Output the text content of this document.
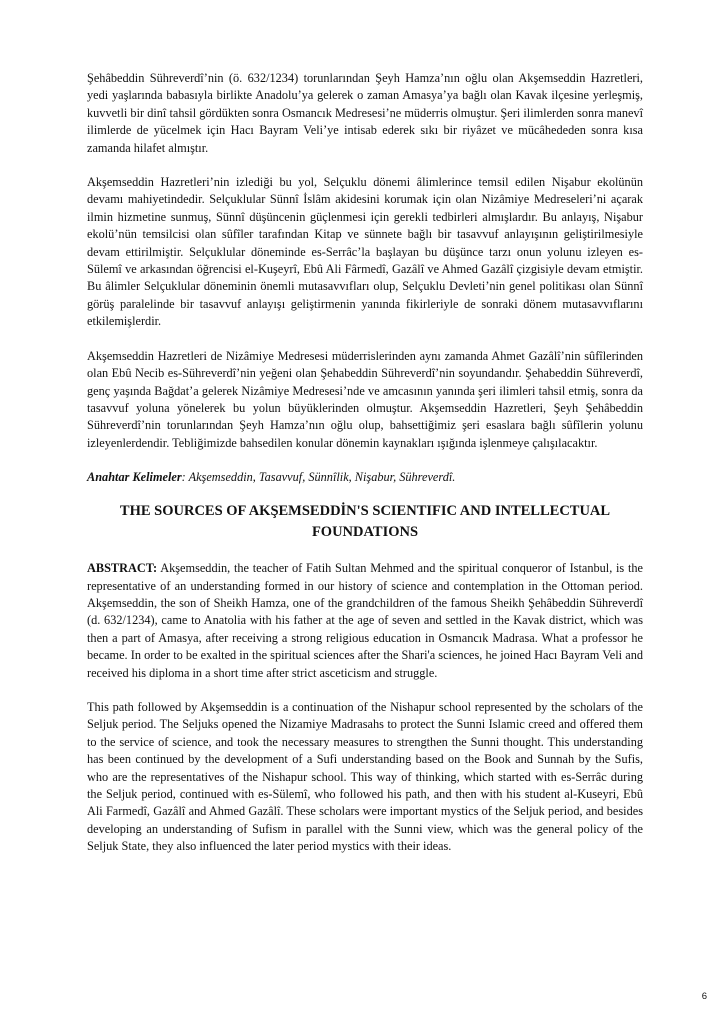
Şehâbeddin Sühreverdî’nin (ö. 632/1234) torunlarından Şeyh Hamza’nın oğlu olan Akşemseddin Hazretleri, yedi yaşlarında babasıyla birlikte Anadolu’ya gelerek o zaman Amasya’ya bağlı olan Kavak ilçesine yerleşmiş, kuvvetli bir dinî tahsil gördükten sonra Osmancık Medresesi’ne müderris olmuştur. Şeri ilimlerden sonra manevî ilimlerde de yücelmek için Hacı Bayram Veli’ye intisab ederek sıkı bir riyâzet ve mücâhededen sonra kısa zamanda hilafet almıştır.

Akşemseddin Hazretleri’nin izlediği bu yol, Selçuklu dönemi âlimlerince temsil edilen Nişabur ekolünün devamı mahiyetindedir. Selçuklular Sünnî İslâm akidesini korumak için olan Nizâmiye Medreseleri’ni açarak ilmin hizmetine sunmuş, Sünnî düşüncenin güçlenmesi için gerekli tedbirleri almışlardır. Bu anlayış, Nişabur ekolü’nün temsilcisi olan sûfîler tarafından Kitap ve sünnete bağlı bir tasavvuf anlayışının geliştirilmesiyle devam ettirilmiştir. Selçuklular döneminde es-Serrâc’la başlayan bu düşünce tarzı onun yolunu izleyen es-Sülemî ve arkasından öğrencisi el-Kuşeyrî, Ebû Ali Fârmedî, Gazâlî ve Ahmed Gazâlî çizgisiyle devam etmiştir. Bu âlimler Selçuklular döneminin önemli mutasavvıfları olup, Selçuklu Devleti’nin genel politikası olan Sünnî görüş paralelinde bir tasavvuf anlayışı geliştirmenin yanında fikirleriyle de sonraki dönem mutasavvıflarını etkilemişlerdir.

Akşemseddin Hazretleri de Nizâmiye Medresesi müderrislerinden aynı zamanda Ahmet Gazâlî’nin sûfîlerinden olan Ebû Necib es-Sühreverdî’nin yeğeni olan Şehabeddin Sühreverdî’nin soyundandır. Şehabeddin Sühreverdî, genç yaşında Bağdat’a gelerek Nizâmiye Medresesi’nde ve amcasının yanında şeri ilimleri tahsil etmiş, sonra da tasavvuf yoluna yönelerek bu yolun büyüklerinden olmuştur. Akşemseddin Hazretleri, Şeyh Şehâbeddin Sühreverdî’nin torunlarından Şeyh Hamza’nın oğlu olup, bahsettiğimiz şeri esaslara bağlı sûfîlerin yolunu izleyenlerdendir. Tebliğimizde bahsedilen konular dönemin kaynakları ışığında işlenmeye çalışılacaktır.

Anahtar Kelimeler: Akşemseddin, Tasavvuf, Sünnîlik, Nişabur, Sühreverdî.

THE SOURCES OF AKŞEMSEDDİN'S SCIENTIFIC AND INTELLECTUAL
FOUNDATIONS

ABSTRACT: Akşemseddin, the teacher of Fatih Sultan Mehmed and the spiritual conqueror of Istanbul, is the representative of an understanding formed in our history of science and contemplation in the Ottoman period. Akşemseddin, the son of Sheikh Hamza, one of the grandchildren of the famous Sheikh Şehâbeddin Sühreverdî (d. 632/1234), came to Anatolia with his father at the age of seven and settled in the Kavak district, which was then a part of Amasya, after receiving a strong religious education in Osmancık Madrasa. What a professor he became. In order to be exalted in the spiritual sciences after the Shari'a sciences, he joined Hacı Bayram Veli and received his diploma in a short time after strict asceticism and struggle.

This path followed by Akşemseddin is a continuation of the Nishapur school represented by the scholars of the Seljuk period. The Seljuks opened the Nizamiye Madrasahs to protect the Sunni Islamic creed and offered them to the service of science, and took the necessary measures to strengthen the Sunni thought. This understanding has been continued by the development of a Sufi understanding based on the Book and Sunnah by the Sufis, who are the representatives of the Nishapur school. This way of thinking, which started with es-Serrâc during the Seljuk period, continued with es-Sülemî, who followed his path, and then with his student al-Kuseyri, Ebû Ali Farmedî, Gazâlî and Ahmed Gazâlî. These scholars were important mystics of the Seljuk period, and besides developing an understanding of Sufism in parallel with the Sunni view, which was the general policy of the Seljuk State, they also influenced the later period mystics with their ideas.

6
